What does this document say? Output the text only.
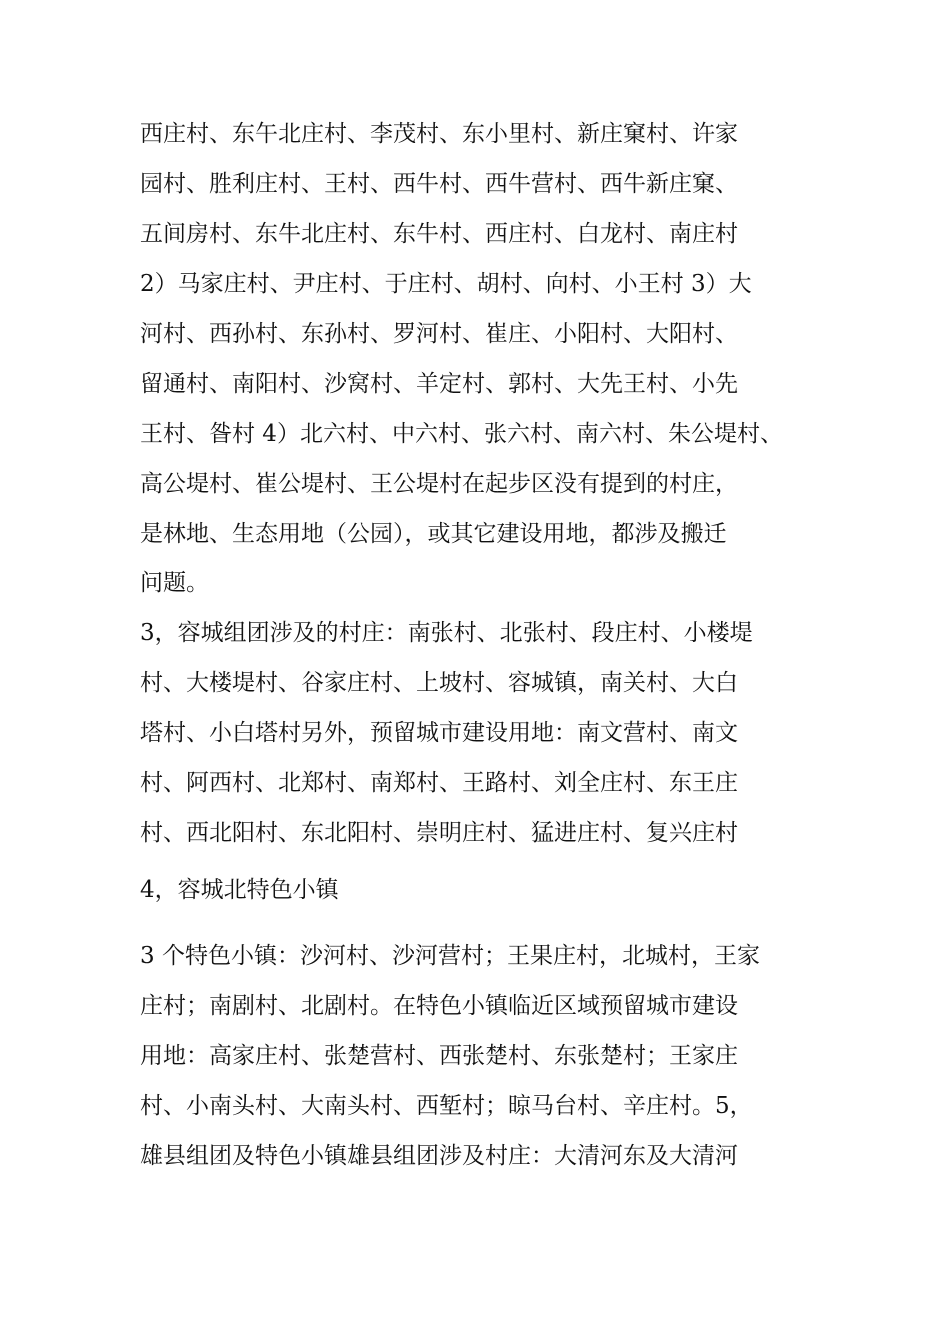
西庄村、东午北庄村、李茂村、东小里村、新庄窠村、许家

园村、胜利庄村、王村、西牛村、西牛营村、西牛新庄窠、

五间房村、东牛北庄村、东牛村、西庄村、白龙村、南庄村

2）马家庄村、尹庄村、于庄村、胡村、向村、小王村 3）大

河村、西孙村、东孙村、罗河村、崔庄、小阳村、大阳村、

留通村、南阳村、沙窝村、羊定村、郭村、大先王村、小先

王村、昝村 4）北六村、中六村、张六村、南六村、朱公堤村、

高公堤村、崔公堤村、王公堤村在起步区没有提到的村庄，

是林地、生态用地（公园），或其它建设用地，都涉及搬迁

问题。

3，容城组团涉及的村庄：南张村、北张村、段庄村、小楼堤

村、大楼堤村、谷家庄村、上坡村、容城镇，南关村、大白

塔村、小白塔村另外，预留城市建设用地：南文营村、南文

村、阿西村、北郑村、南郑村、王路村、刘全庄村、东王庄

村、西北阳村、东北阳村、崇明庄村、猛进庄村、复兴庄村

4，容城北特色小镇

3 个特色小镇：沙河村、沙河营村；王果庄村，北城村，王家

庄村；南剧村、北剧村。在特色小镇临近区域预留城市建设

用地：高家庄村、张楚营村、西张楚村、东张楚村；王家庄

村、小南头村、大南头村、西堑村；晾马台村、辛庄村。5，

雄县组团及特色小镇雄县组团涉及村庄：大清河东及大清河
